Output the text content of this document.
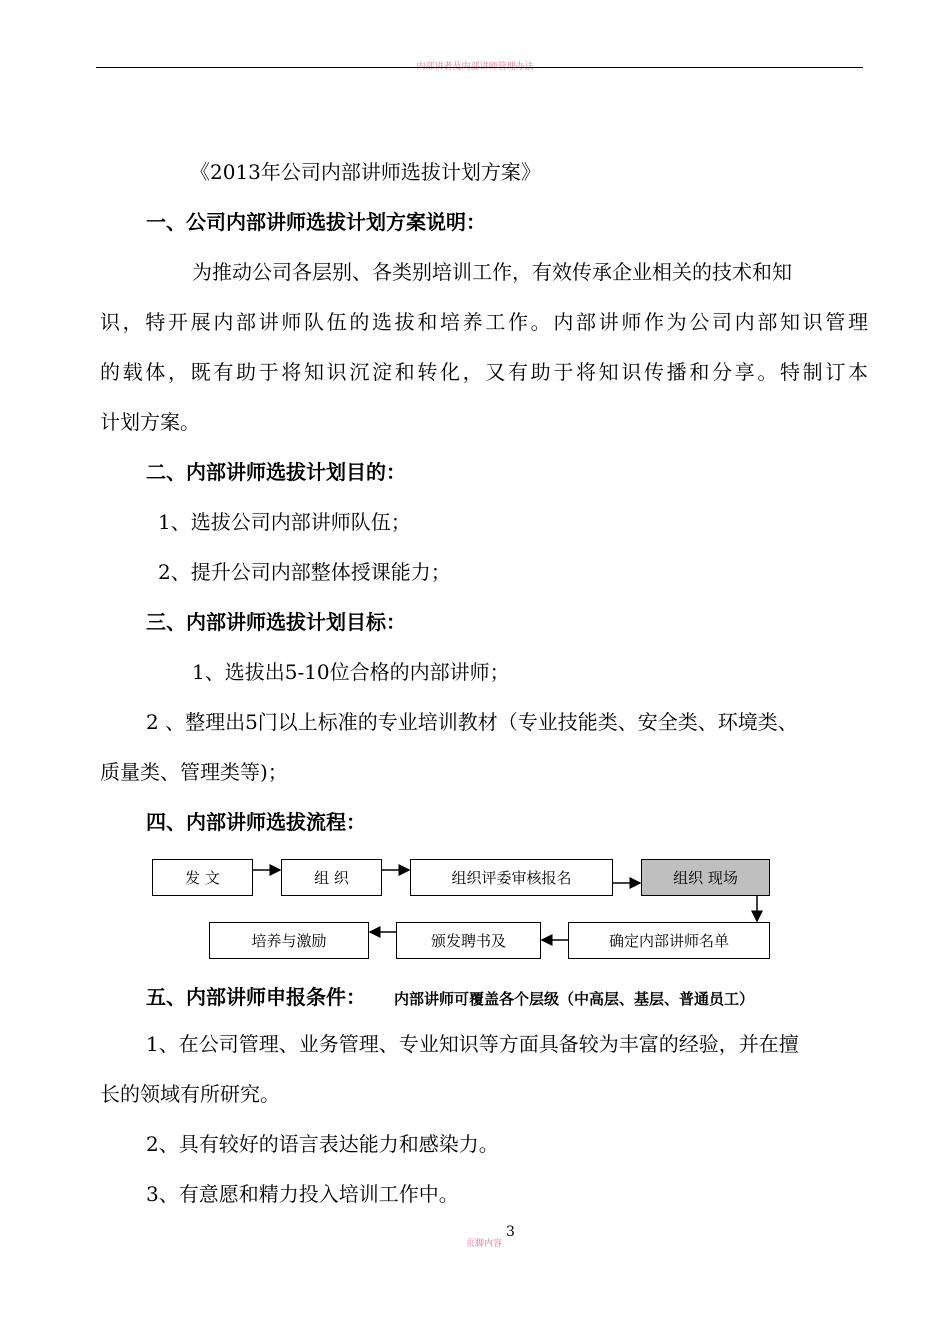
内部讲者及内部讲师管理办法
《2013年公司内部讲师选拔计划方案》
一、公司内部讲师选拔计划方案说明：
为推动公司各层别、各类别培训工作，有效传承企业相关的技术和知
识，特开展内部讲师队伍的选拔和培养工作。内部讲师作为公司内部知识管理
的载体，既有助于将知识沉淀和转化，又有助于将知识传播和分享。特制订本
计划方案。
二、内部讲师选拔计划目的：
1、选拔公司内部讲师队伍；
2、提升公司内部整体授课能力；
三、内部讲师选拔计划目标：
1、选拔出5-10位合格的内部讲师；
2 、整理出5门以上标准的专业培训教材（专业技能类、安全类、环境类、
质量类、管理类等)；
四、内部讲师选拔流程：
发 文	组 织	组织评委审核报名	组织 现场
确定内部讲师名单
颁发聘书及
培养与激励
五、内部讲师申报条件： 内部讲师可覆盖各个层级（中高层、基层、普通员工）
1、在公司管理、业务管理、专业知识等方面具备较为丰富的经验，并在擅
长的领域有所研究。
2、具有较好的语言表达能力和感染力。
3、有意愿和精力投入培训工作中。
3
页脚内容
